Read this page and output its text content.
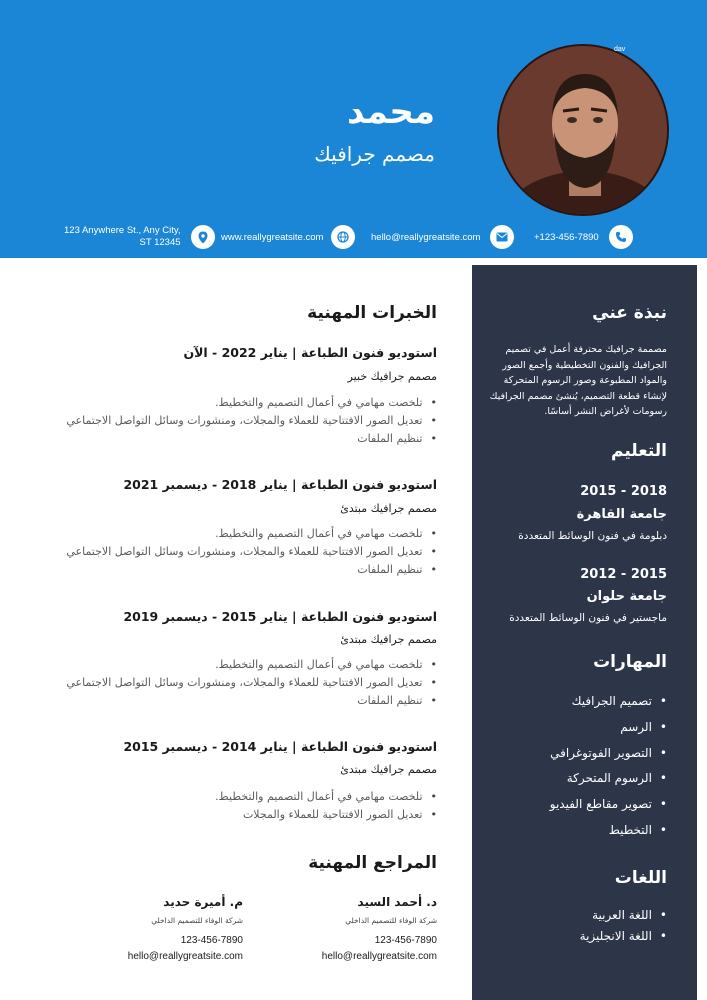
dav
محمد
مصمم جرافيك
+123-456-7890
hello@reallygreatsite.com
www.reallygreatsite.com
123 Anywhere St., Any City,
ST 12345
نبذة عني
مصممة جرافيك محترفة أعمل في تصميم الجرافيك والفنون التخطيطية وأجمع الصور والمواد المطبوعة وصور الرسوم المتحركة لإنشاء قطعة التصميم، يُنشئ مصمم الجرافيك رسومات لأغراض النشر أساسًا.
التعليم
2015 - 2018
جامعة القاهرة
دبلومة في فنون الوسائط المتعددة
2012 - 2015
جامعة حلوان
ماجستير في فنون الوسائط المتعددة
المهارات
• تصميم الجرافيك
• الرسم
• التصوير الفوتوغرافي
• الرسوم المتحركة
• تصوير مقاطع الفيديو
• التخطيط
اللغات
• اللغة العربية
• اللغة الانجليزية
الخبرات المهنية
استوديو فنون الطباعة | يناير 2022 - الآن
مصمم جرافيك خبير
• تلخصت مهامي في أعمال التصميم والتخطيط.
• تعديل الصور الافتتاحية للعملاء والمجلات، ومنشورات وسائل التواصل الاجتماعي
• تنظيم الملفات
استوديو فنون الطباعة | يناير 2018 - ديسمبر 2021
مصمم جرافيك مبتدئ
• تلخصت مهامي في أعمال التصميم والتخطيط.
• تعديل الصور الافتتاحية للعملاء والمجلات، ومنشورات وسائل التواصل الاجتماعي
• تنظيم الملفات
استوديو فنون الطباعة | يناير 2015 - ديسمبر 2019
مصمم جرافيك مبتدئ
• تلخصت مهامي في أعمال التصميم والتخطيط.
• تعديل الصور الافتتاحية للعملاء والمجلات، ومنشورات وسائل التواصل الاجتماعي
• تنظيم الملفات
استوديو فنون الطباعة | يناير 2014 - ديسمبر 2015
مصمم جرافيك مبتدئ
• تلخصت مهامي في أعمال التصميم والتخطيط.
• تعديل الصور الافتتاحية للعملاء والمجلات
المراجع المهنية
د. أحمد السيد
شركة الوفاء للتصميم الداخلي
123-456-7890
hello@reallygreatsite.com
م. أميرة حديد
شركة الوفاء للتصميم الداخلي
123-456-7890
hello@reallygreatsite.com
